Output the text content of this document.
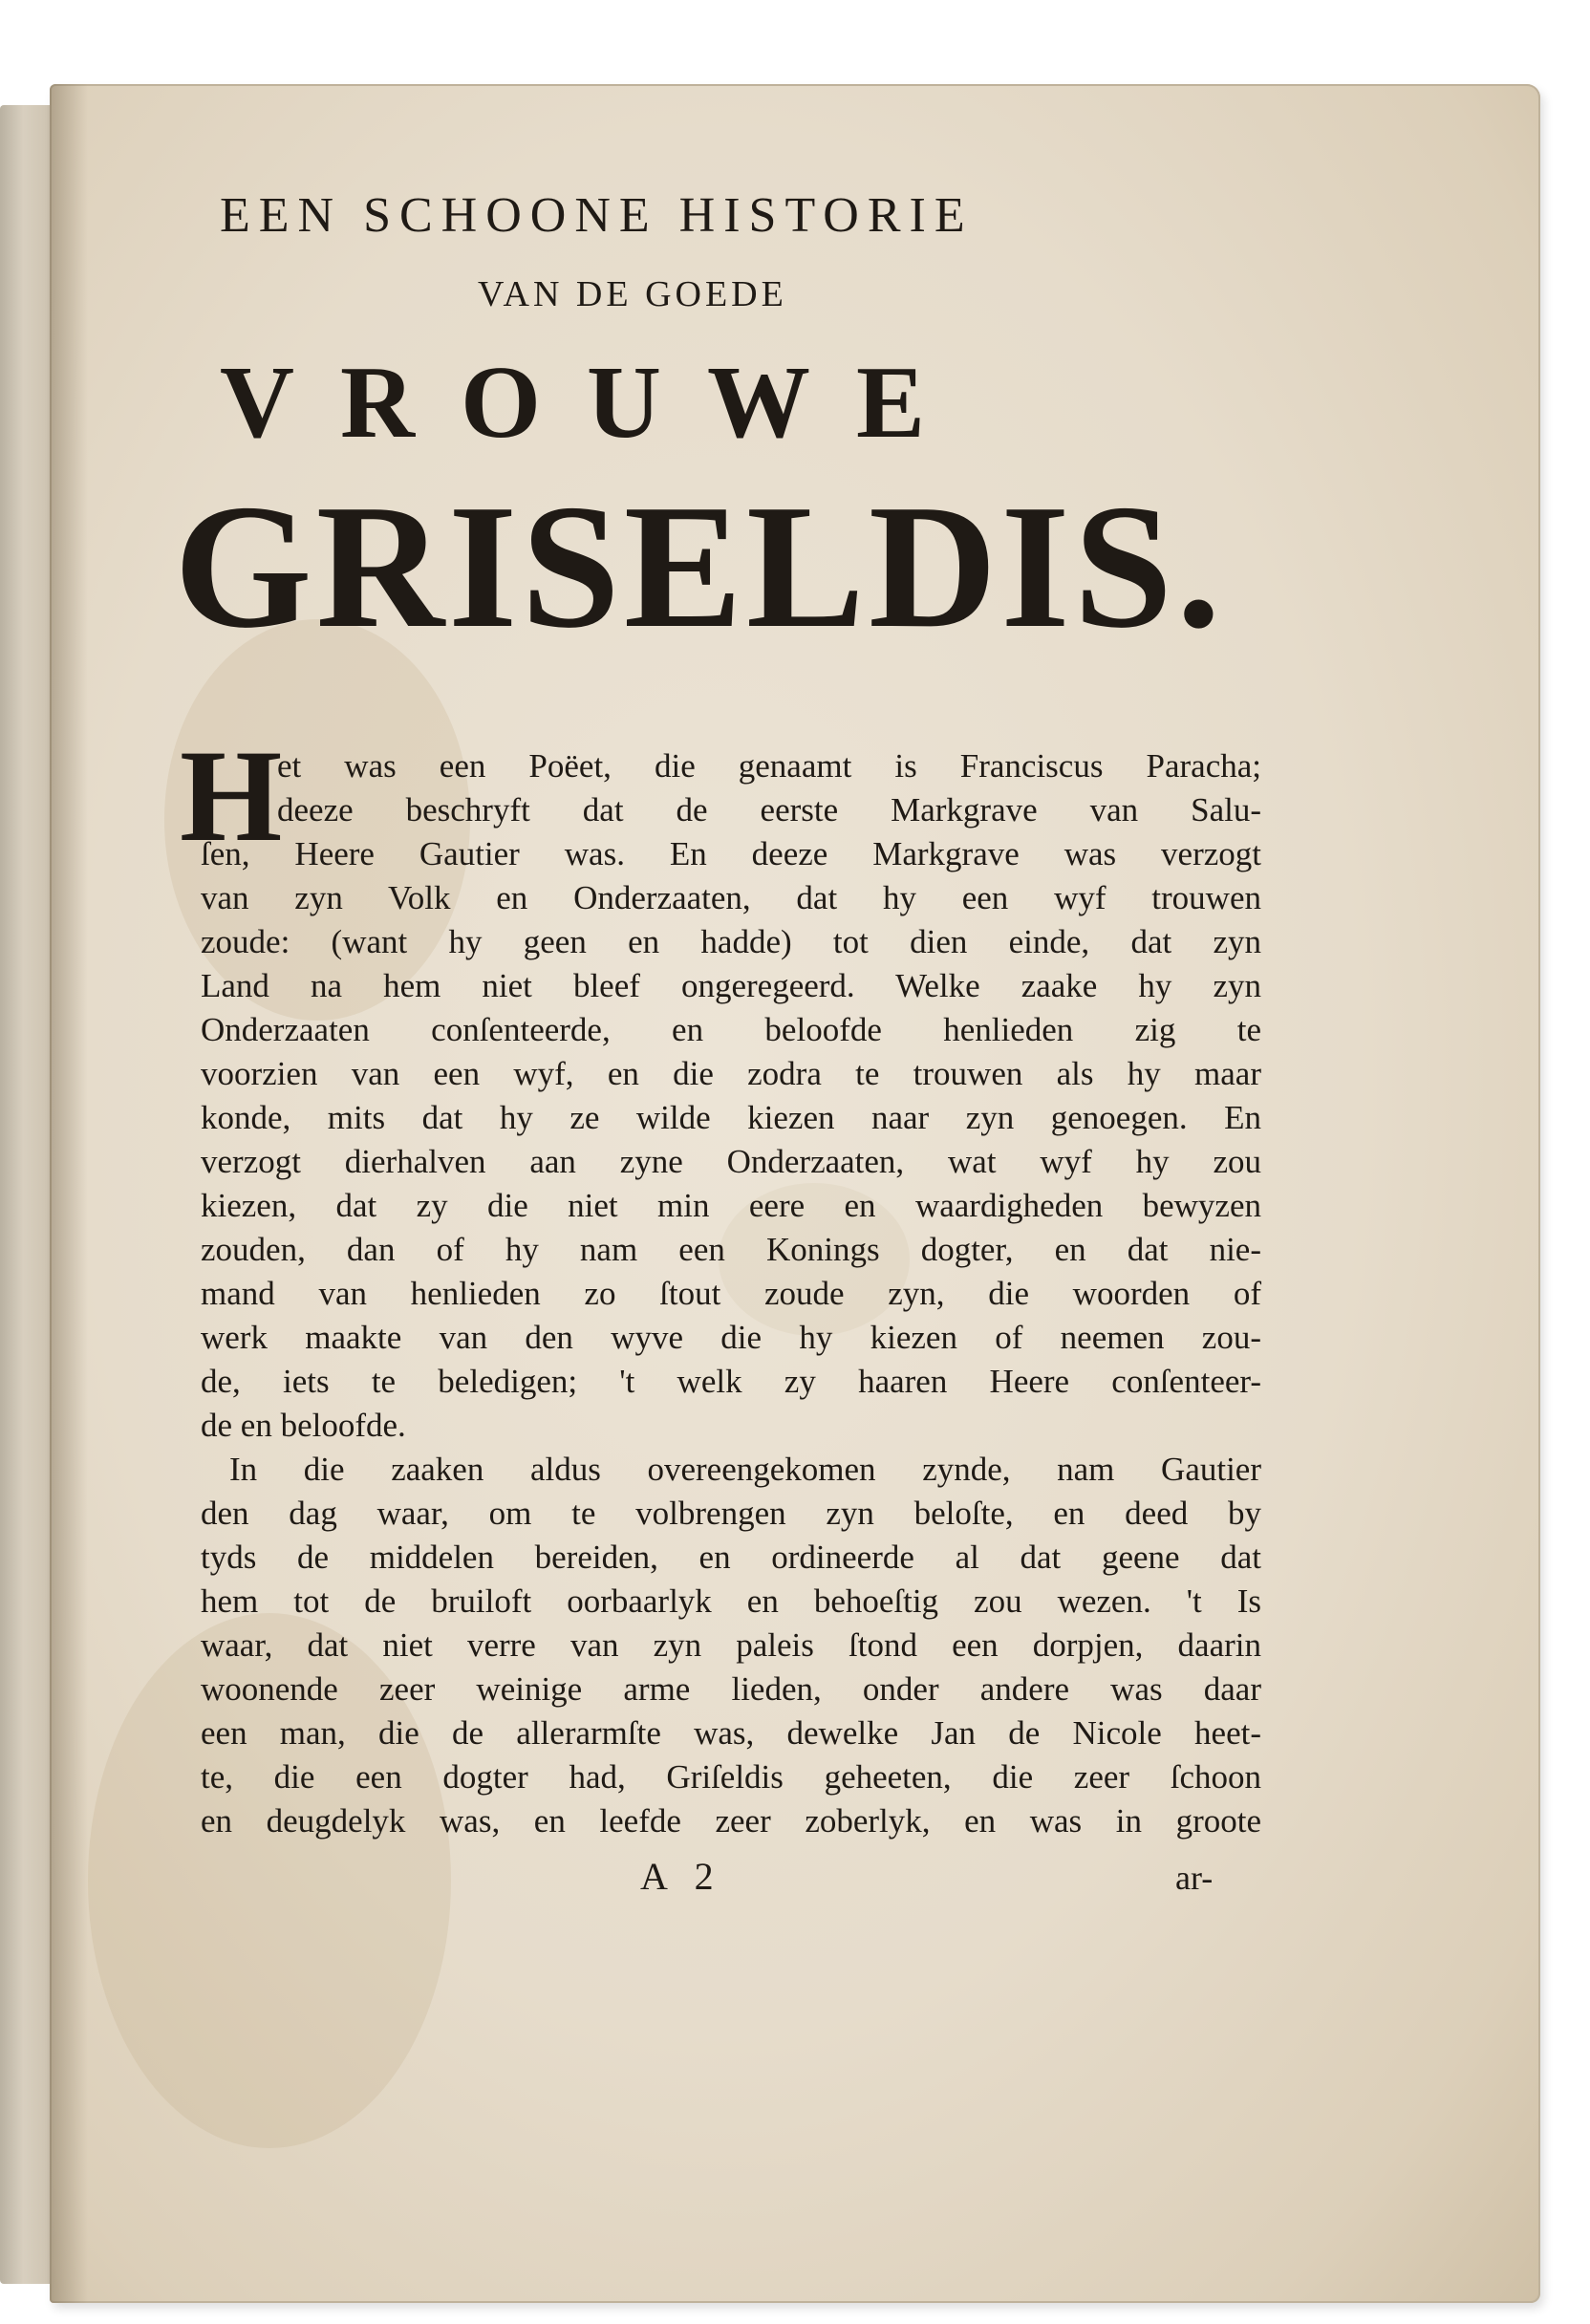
EEN SCHOONE HISTORIE
VAN DE GOEDE
VROUWE
GRISELDIS.
H
et was een Poëet, die genaamt is Franciscus Paracha;
deeze beschryft dat de eerste Markgrave van Salu-
ſen, Heere Gautier was. En deeze Markgrave was verzogt
van zyn Volk en Onderzaaten, dat hy een wyf trouwen
zoude: (want hy geen en hadde) tot dien einde, dat zyn
Land na hem niet bleef ongeregeerd. Welke zaake hy zyn
Onderzaaten conſenteerde, en beloofde henlieden zig te
voorzien van een wyf, en die zodra te trouwen als hy maar
konde, mits dat hy ze wilde kiezen naar zyn genoegen. En
verzogt dierhalven aan zyne Onderzaaten, wat wyf hy zou
kiezen, dat zy die niet min eere en waardigheden bewyzen
zouden, dan of hy nam een Konings dogter, en dat nie-
mand van henlieden zo ſtout zoude zyn, die woorden of
werk maakte van den wyve die hy kiezen of neemen zou-
de, iets te beledigen; 't welk zy haaren Heere conſenteer-
de en beloofde.
In die zaaken aldus overeengekomen zynde, nam Gautier
den dag waar, om te volbrengen zyn beloſte, en deed by
tyds de middelen bereiden, en ordineerde al dat geene dat
hem tot de bruiloft oorbaarlyk en behoeſtig zou wezen. 't Is
waar, dat niet verre van zyn paleis ſtond een dorpjen, daarin
woonende zeer weinige arme lieden, onder andere was daar
een man, die de allerarmſte was, dewelke Jan de Nicole heet-
te, die een dogter had, Griſeldis geheeten, die zeer ſchoon
en deugdelyk was, en leefde zeer zoberlyk, en was in groote
A 2	ar-
